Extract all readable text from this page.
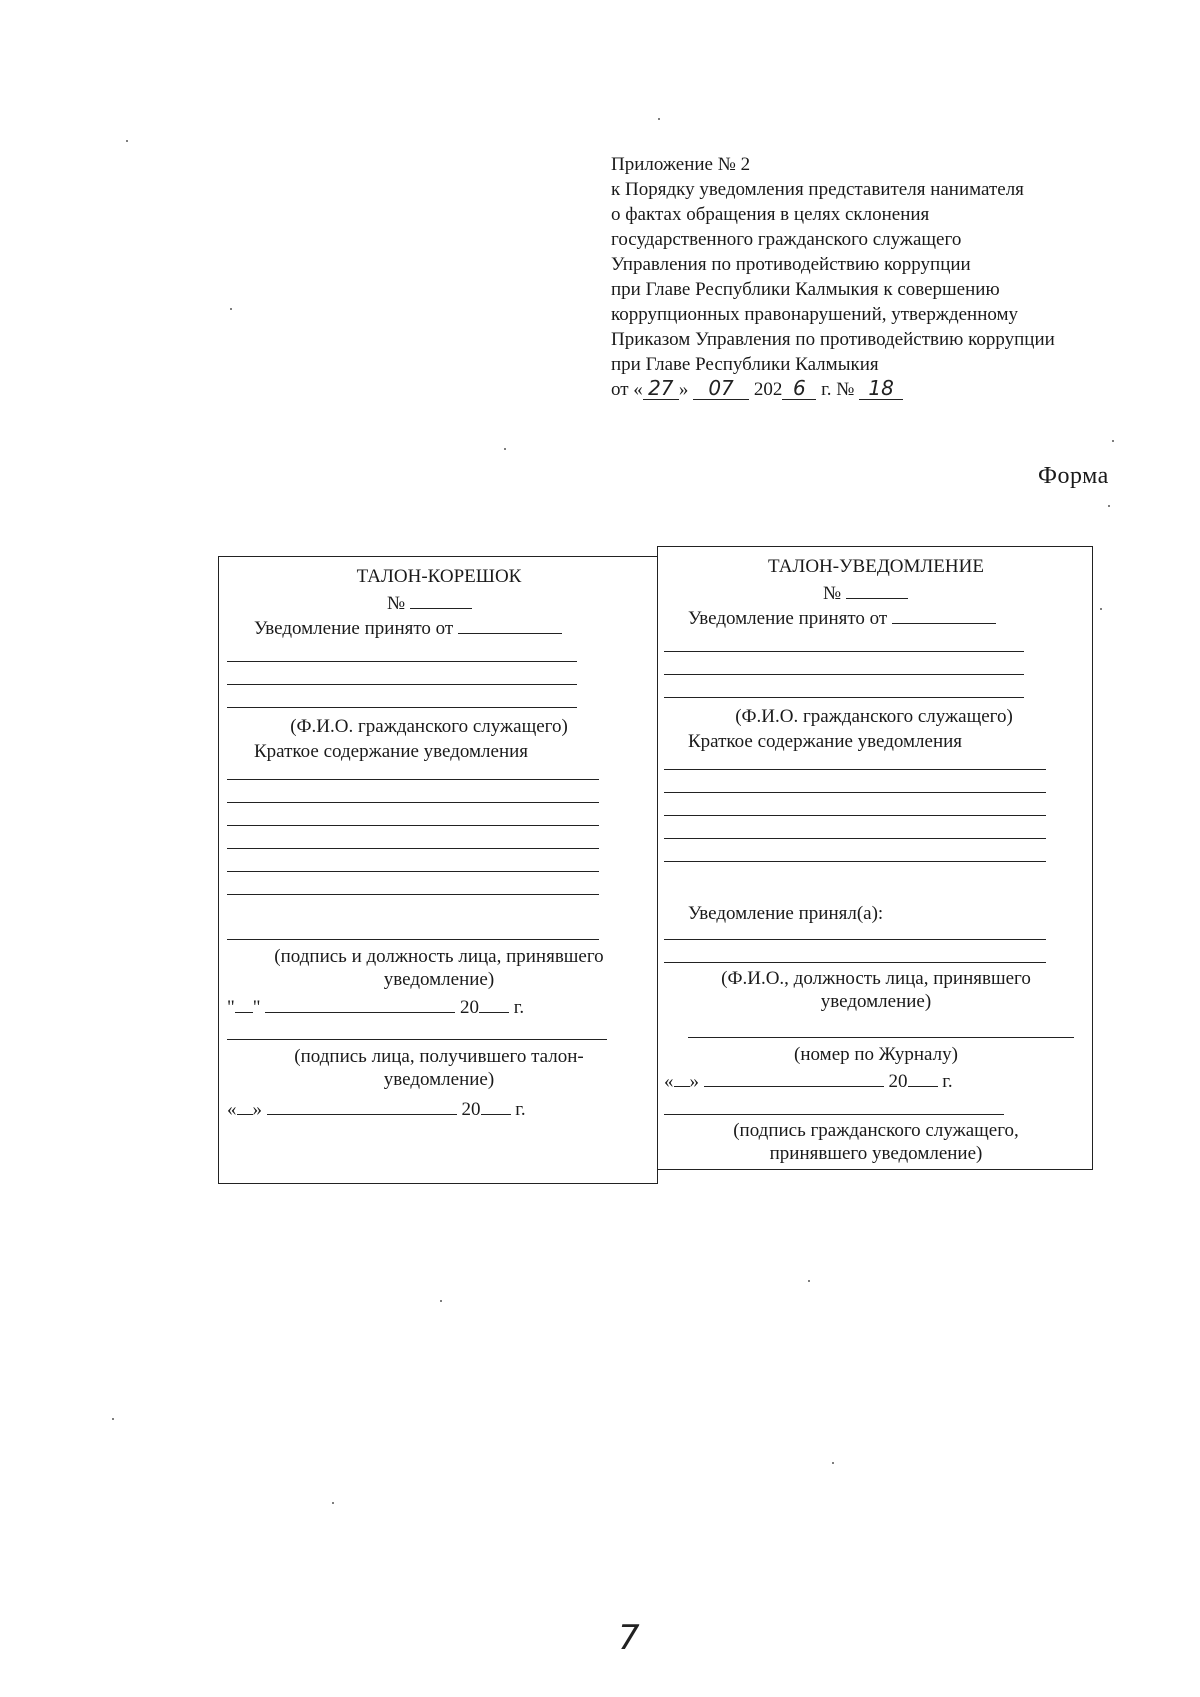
Приложение № 2
к Порядку уведомления представителя нанимателя
о фактах обращения в целях склонения
государственного гражданского служащего
Управления по противодействию коррупции
при Главе Республики Калмыкия к совершению
коррупционных правонарушений, утвержденному
Приказом Управления по противодействию коррупции
при Главе Республики Калмыкия
от « 27 » 07 202 6 г. № 18
Форма
ТАЛОН-КОРЕШОК
№
Уведомление принято от
(Ф.И.О. гражданского служащего)
Краткое содержание уведомления
(подпись и должность лица, принявшего
уведомление)
" "	20 г.
(подпись лица, получившего талон-
уведомление)
« »	20 г.
ТАЛОН-УВЕДОМЛЕНИЕ
№
Уведомление принято от
(Ф.И.О. гражданского служащего)
Краткое содержание уведомления
Уведомление принял(а):
(Ф.И.О., должность лица, принявшего
уведомление)
(номер по Журналу)
« »	20 г.
(подпись гражданского служащего,
принявшего уведомление)
7
